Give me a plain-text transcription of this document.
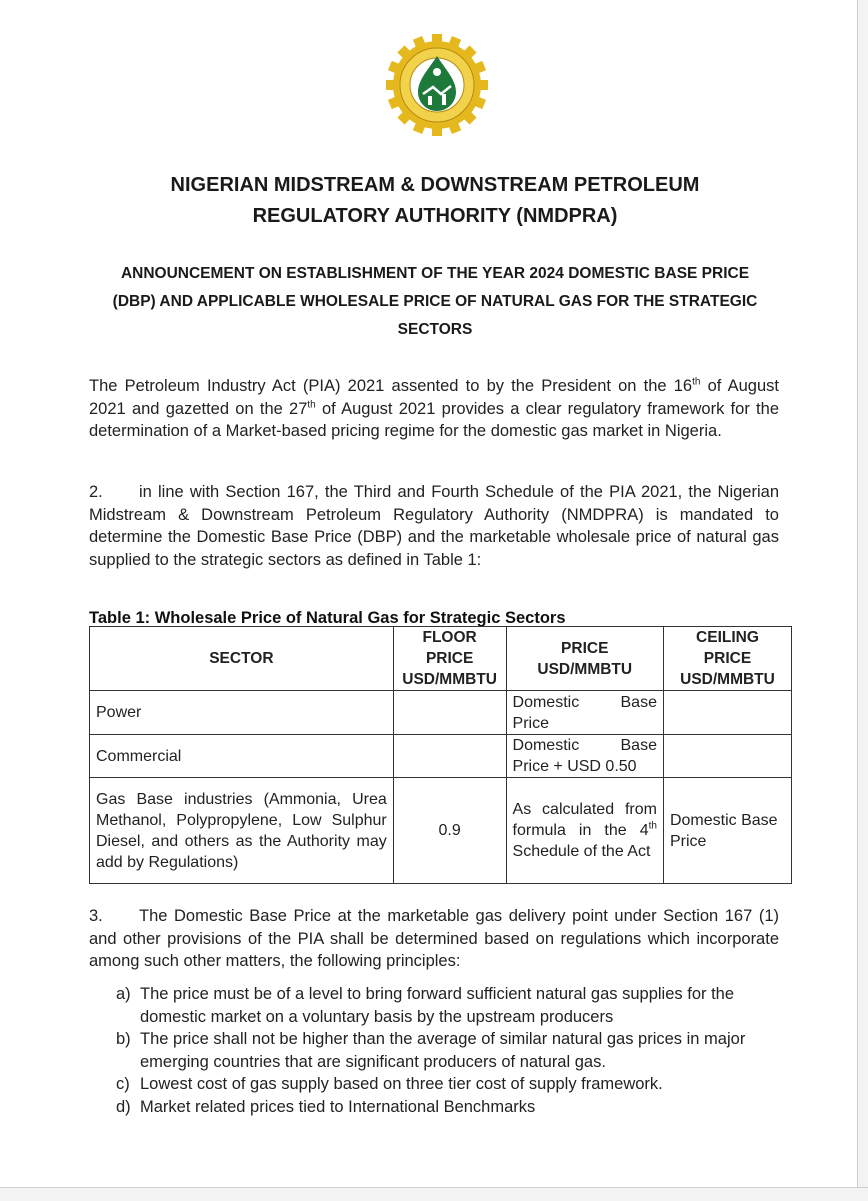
NIGERIAN MIDSTREAM & DOWNSTREAM PETROLEUM
REGULATORY AUTHORITY (NMDPRA)
ANNOUNCEMENT ON ESTABLISHMENT OF THE YEAR 2024 DOMESTIC BASE PRICE
(DBP) AND APPLICABLE WHOLESALE PRICE OF NATURAL GAS FOR THE STRATEGIC
SECTORS

The Petroleum Industry Act (PIA) 2021 assented to by the President on the 16th of August 2021 and gazetted on the 27th of August 2021 provides a clear regulatory framework for the determination of a Market-based pricing regime for the domestic gas market in Nigeria.

2. in line with Section 167, the Third and Fourth Schedule of the PIA 2021, the Nigerian Midstream & Downstream Petroleum Regulatory Authority (NMDPRA) is mandated to determine the Domestic Base Price (DBP) and the marketable wholesale price of natural gas supplied to the strategic sectors as defined in Table 1:

Table 1: Wholesale Price of Natural Gas for Strategic Sectors

SECTOR	FLOOR
PRICE
USD/MMBTU	PRICE
USD/MMBTU	CEILING
PRICE
USD/MMBTU
Power		Domestic Base Price	
Commercial		Domestic Base Price + USD 0.50	
Gas Base industries (Ammonia, Urea Methanol, Polypropylene, Low Sulphur Diesel, and others as the Authority may add by Regulations)	0.9	As calculated from formula in the 4th Schedule of the Act	Domestic Base Price

3. The Domestic Base Price at the marketable gas delivery point under Section 167 (1) and other provisions of the PIA shall be determined based on regulations which incorporate among such other matters, the following principles:

a) The price must be of a level to bring forward sufficient natural gas supplies for the domestic market on a voluntary basis by the upstream producers
b) The price shall not be higher than the average of similar natural gas prices in major emerging countries that are significant producers of natural gas.
c) Lowest cost of gas supply based on three tier cost of supply framework.
d) Market related prices tied to International Benchmarks
